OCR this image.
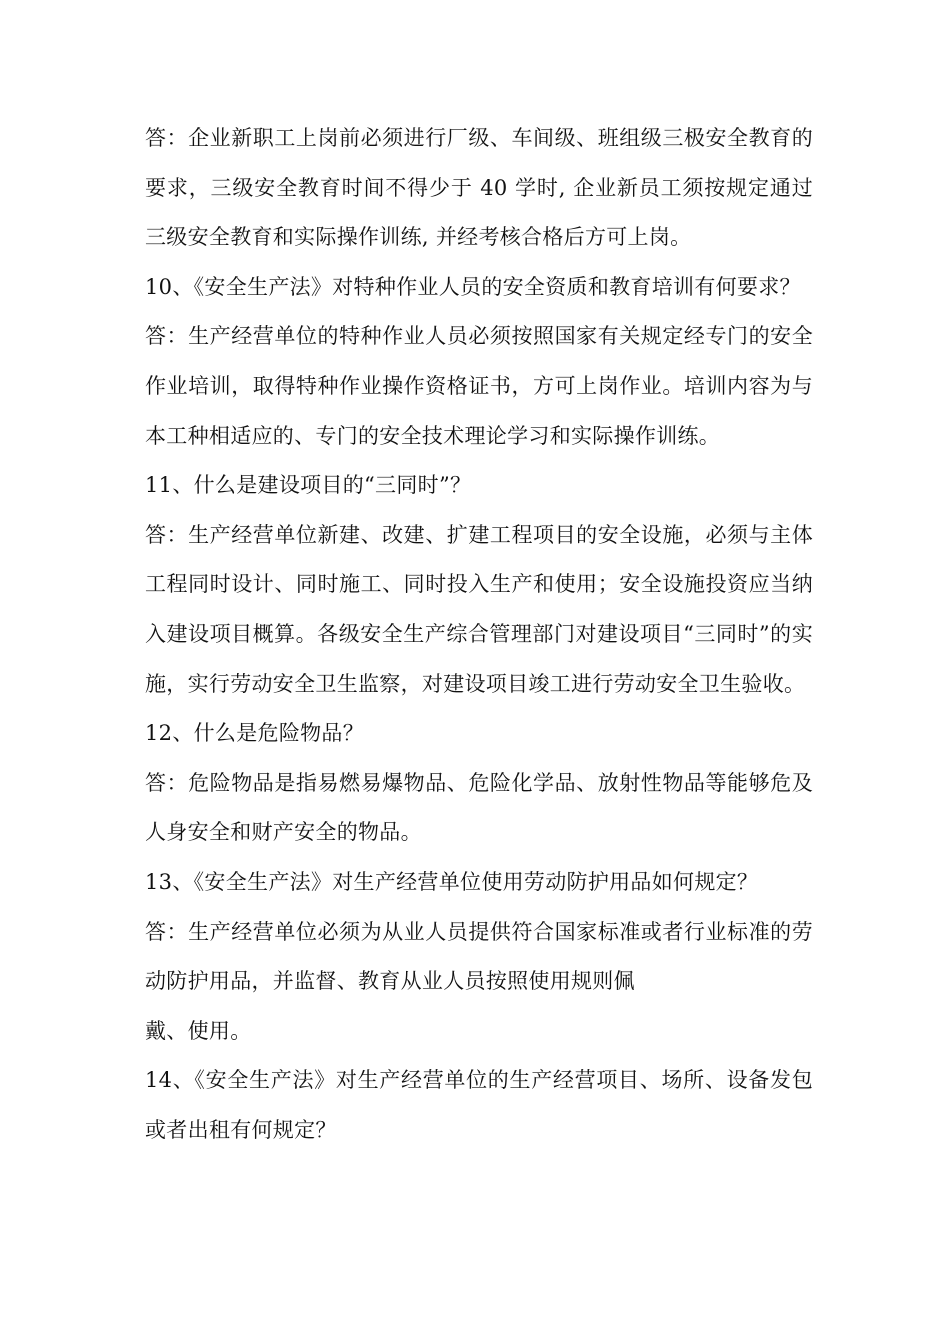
答：企业新职工上岗前必须进行厂级、车间级、班组级三极安全教育的要求，三级安全教育时间不得少于 40 学时, 企业新员工须按规定通过三级安全教育和实际操作训练, 并经考核合格后方可上岗。

10、《安全生产法》对特种作业人员的安全资质和教育培训有何要求？

答：生产经营单位的特种作业人员必须按照国家有关规定经专门的安全作业培训，取得特种作业操作资格证书，方可上岗作业。培训内容为与本工种相适应的、专门的安全技术理论学习和实际操作训练。

11、什么是建设项目的“三同时”？

答：生产经营单位新建、改建、扩建工程项目的安全设施，必须与主体工程同时设计、同时施工、同时投入生产和使用；安全设施投资应当纳入建设项目概算。各级安全生产综合管理部门对建设项目“三同时”的实施，实行劳动安全卫生监察，对建设项目竣工进行劳动安全卫生验收。

12、什么是危险物品？

答：危险物品是指易燃易爆物品、危险化学品、放射性物品等能够危及人身安全和财产安全的物品。

13、《安全生产法》对生产经营单位使用劳动防护用品如何规定？

答：生产经营单位必须为从业人员提供符合国家标准或者行业标准的劳动防护用品，并监督、教育从业人员按照使用规则佩

戴、使用。

14、《安全生产法》对生产经营单位的生产经营项目、场所、设备发包或者出租有何规定？
